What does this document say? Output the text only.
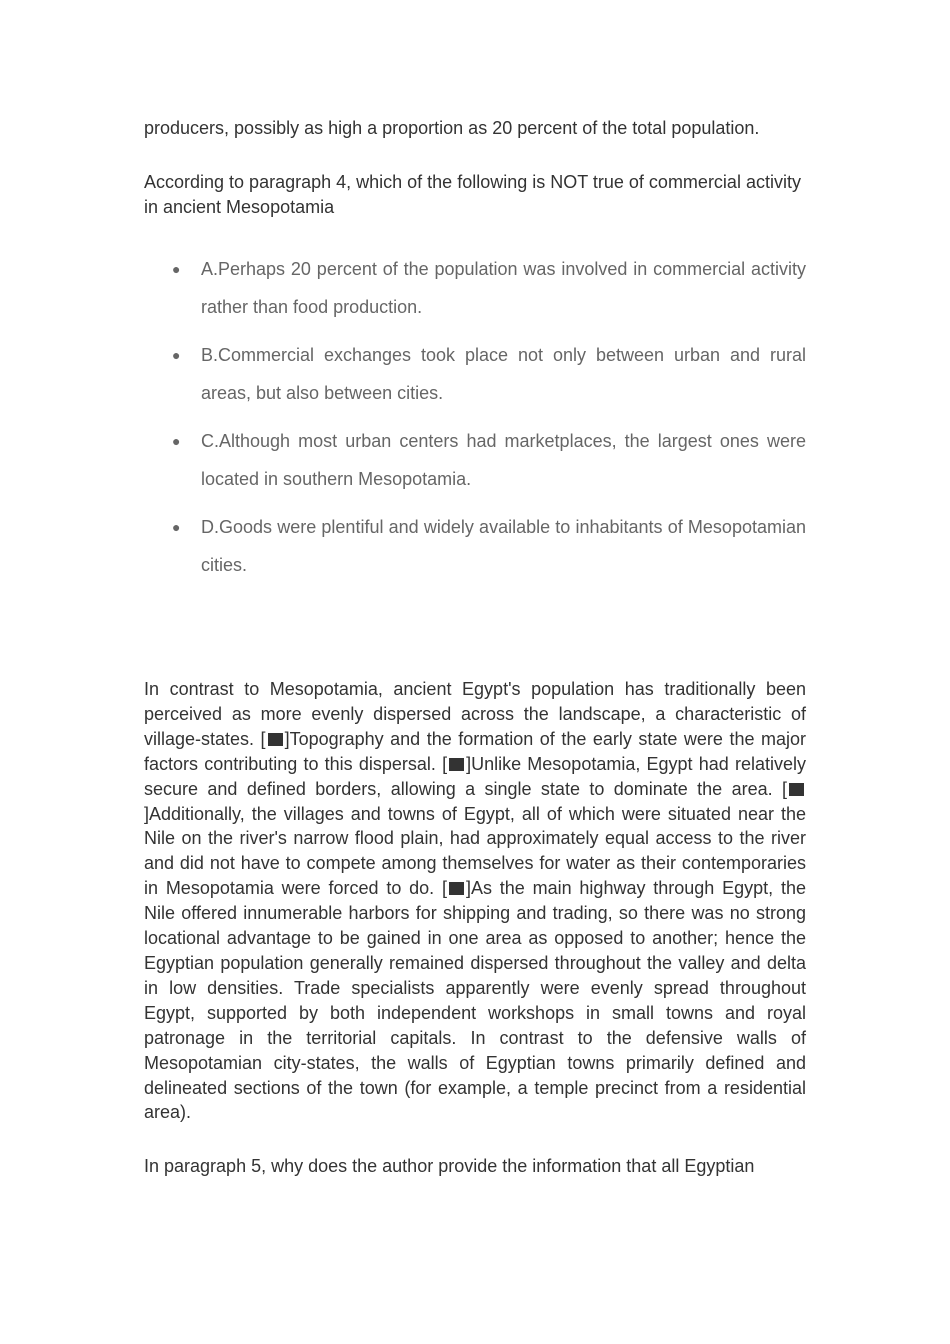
producers, possibly as high a proportion as 20 percent of the total population.
According to paragraph 4, which of the following is NOT true of commercial activity in ancient Mesopotamia
● A.Perhaps 20 percent of the population was involved in commercial activity rather than food production.
● B.Commercial exchanges took place not only between urban and rural areas, but also between cities.
● C.Although most urban centers had marketplaces, the largest ones were located in southern Mesopotamia.
● D.Goods were plentiful and widely available to inhabitants of Mesopotamian cities.
In contrast to Mesopotamia, ancient Egypt's population has traditionally been perceived as more evenly dispersed across the landscape, a characteristic of village-states. [ ]Topography and the formation of the early state were the major factors contributing to this dispersal. [ ]Unlike Mesopotamia, Egypt had relatively secure and defined borders, allowing a single state to dominate the area. []Additionally, the villages and towns of Egypt, all of which were situated near the Nile on the river's narrow flood plain, had approximately equal access to the river and did not have to compete among themselves for water as their contemporaries in Mesopotamia were forced to do. [ ]As the main highway through Egypt, the Nile offered innumerable harbors for shipping and trading, so there was no strong locational advantage to be gained in one area as opposed to another; hence the Egyptian population generally remained dispersed throughout the valley and delta in low densities. Trade specialists apparently were evenly spread throughout Egypt, supported by both independent workshops in small towns and royal patronage in the territorial capitals. In contrast to the defensive walls of Mesopotamian city-states, the walls of Egyptian towns primarily defined and delineated sections of the town (for example, a temple precinct from a residential area).
In paragraph 5, why does the author provide the information that all Egyptian
